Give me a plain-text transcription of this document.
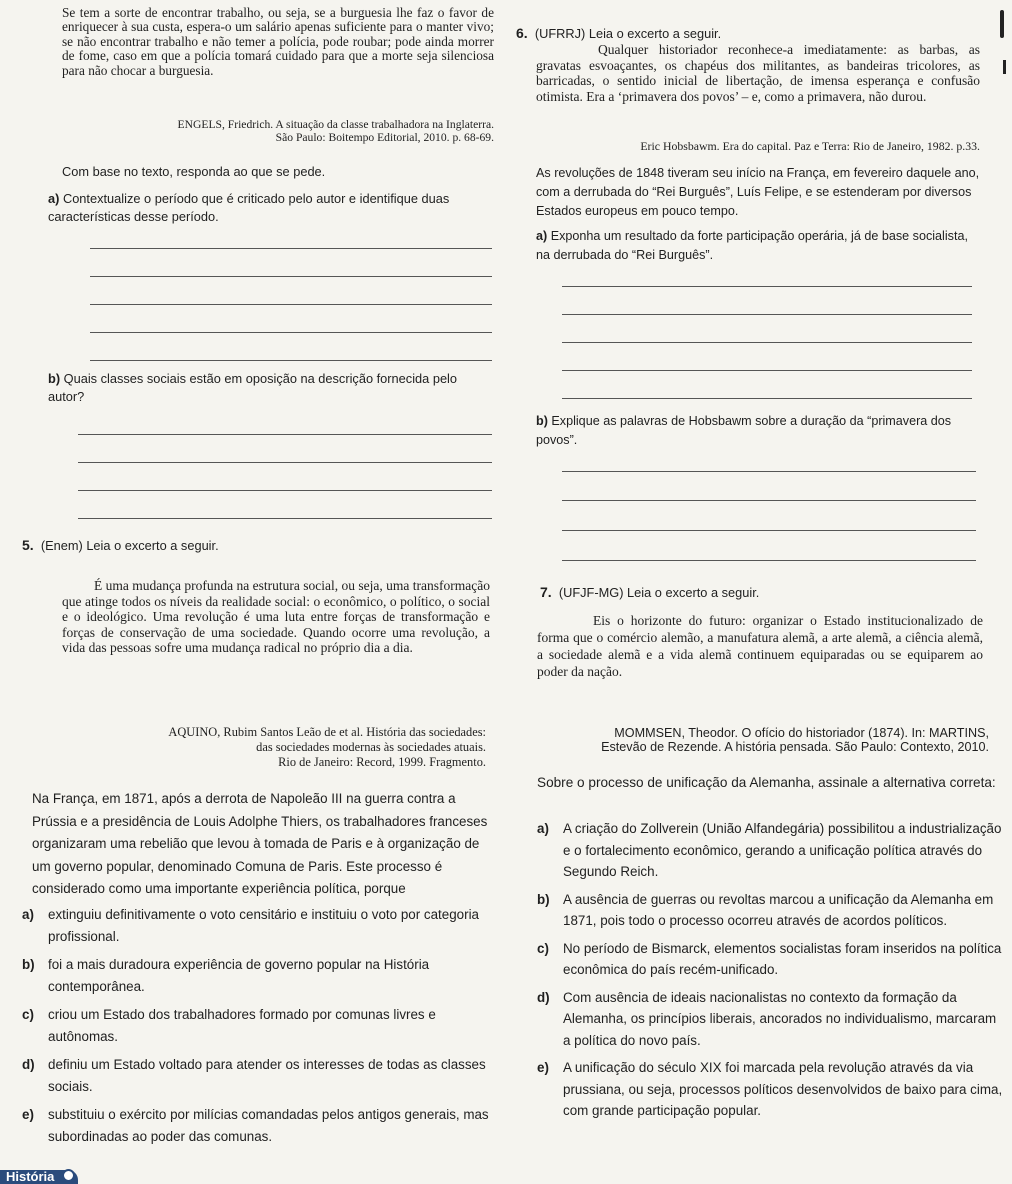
Se tem a sorte de encontrar trabalho, ou seja, se a burguesia lhe faz o favor de enriquecer à sua custa, espera-o um salário apenas suficiente para o manter vivo; se não encontrar trabalho e não temer a polícia, pode roubar; pode ainda morrer de fome, caso em que a polícia tomará cuidado para que a morte seja silenciosa para não chocar a burguesia.

ENGELS, Friedrich. A situação da classe trabalhadora na Inglaterra.
São Paulo: Boitempo Editorial, 2010. p. 68-69.
Com base no texto, responda ao que se pede.
a) Contextualize o período que é criticado pelo autor e identifique duas características desse período.
b) Quais classes sociais estão em oposição na descrição fornecida pelo autor?
5. (Enem) Leia o excerto a seguir.
É uma mudança profunda na estrutura social, ou seja, uma transformação que atinge todos os níveis da realidade social: o econômico, o político, o social e o ideológico. Uma revolução é uma luta entre forças de transformação e forças de conservação de uma sociedade. Quando ocorre uma revolução, a vida das pessoas sofre uma mudança radical no próprio dia a dia.
AQUINO, Rubim Santos Leão de et al. História das sociedades:
das sociedades modernas às sociedades atuais.
Rio de Janeiro: Record, 1999. Fragmento.
Na França, em 1871, após a derrota de Napoleão III na guerra contra a Prússia e a presidência de Louis Adolphe Thiers, os trabalhadores franceses organizaram uma rebelião que levou à tomada de Paris e à organização de um governo popular, denominado Comuna de Paris. Este processo é considerado como uma importante experiência política, porque
a) extinguiu definitivamente o voto censitário e instituiu o voto por categoria profissional.
b) foi a mais duradoura experiência de governo popular na História contemporânea.
c) criou um Estado dos trabalhadores formado por comunas livres e autônomas.
d) definiu um Estado voltado para atender os interesses de todas as classes sociais.
e) substituiu o exército por milícias comandadas pelos antigos generais, mas subordinadas ao poder das comunas.
História
6. (UFRRJ) Leia o excerto a seguir.
Qualquer historiador reconhece-a imediatamente: as barbas, as gravatas esvoaçantes, os chapéus dos militantes, as bandeiras tricolores, as barricadas, o sentido inicial de libertação, de imensa esperança e confusão otimista. Era a ‘primavera dos povos’ – e, como a primavera, não durou.
Eric Hobsbawm. Era do capital. Paz e Terra: Rio de Janeiro, 1982. p.33.
As revoluções de 1848 tiveram seu início na França, em fevereiro daquele ano, com a derrubada do “Rei Burguês”, Luís Felipe, e se estenderam por diversos Estados europeus em pouco tempo.
a) Exponha um resultado da forte participação operária, já de base socialista, na derrubada do “Rei Burguês”.
b) Explique as palavras de Hobsbawm sobre a duração da “primavera dos povos”.
7. (UFJF-MG) Leia o excerto a seguir.
Eis o horizonte do futuro: organizar o Estado institucionalizado de forma que o comércio alemão, a manufatura alemã, a arte alemã, a ciência alemã, a sociedade alemã e a vida alemã continuem equiparadas ou se equiparem ao poder da nação.
MOMMSEN, Theodor. O ofício do historiador (1874). In: MARTINS,
Estevão de Rezende. A história pensada. São Paulo: Contexto, 2010.
Sobre o processo de unificação da Alemanha, assinale a alternativa correta:
a) A criação do Zollverein (União Alfandegária) possibilitou a industrialização e o fortalecimento econômico, gerando a unificação política através do Segundo Reich.
b) A ausência de guerras ou revoltas marcou a unificação da Alemanha em 1871, pois todo o processo ocorreu através de acordos políticos.
c) No período de Bismarck, elementos socialistas foram inseridos na política econômica do país recém-unificado.
d) Com ausência de ideais nacionalistas no contexto da formação da Alemanha, os princípios liberais, ancorados no individualismo, marcaram a política do novo país.
e) A unificação do século XIX foi marcada pela revolução através da via prussiana, ou seja, processos políticos desenvolvidos de baixo para cima, com grande participação popular.
